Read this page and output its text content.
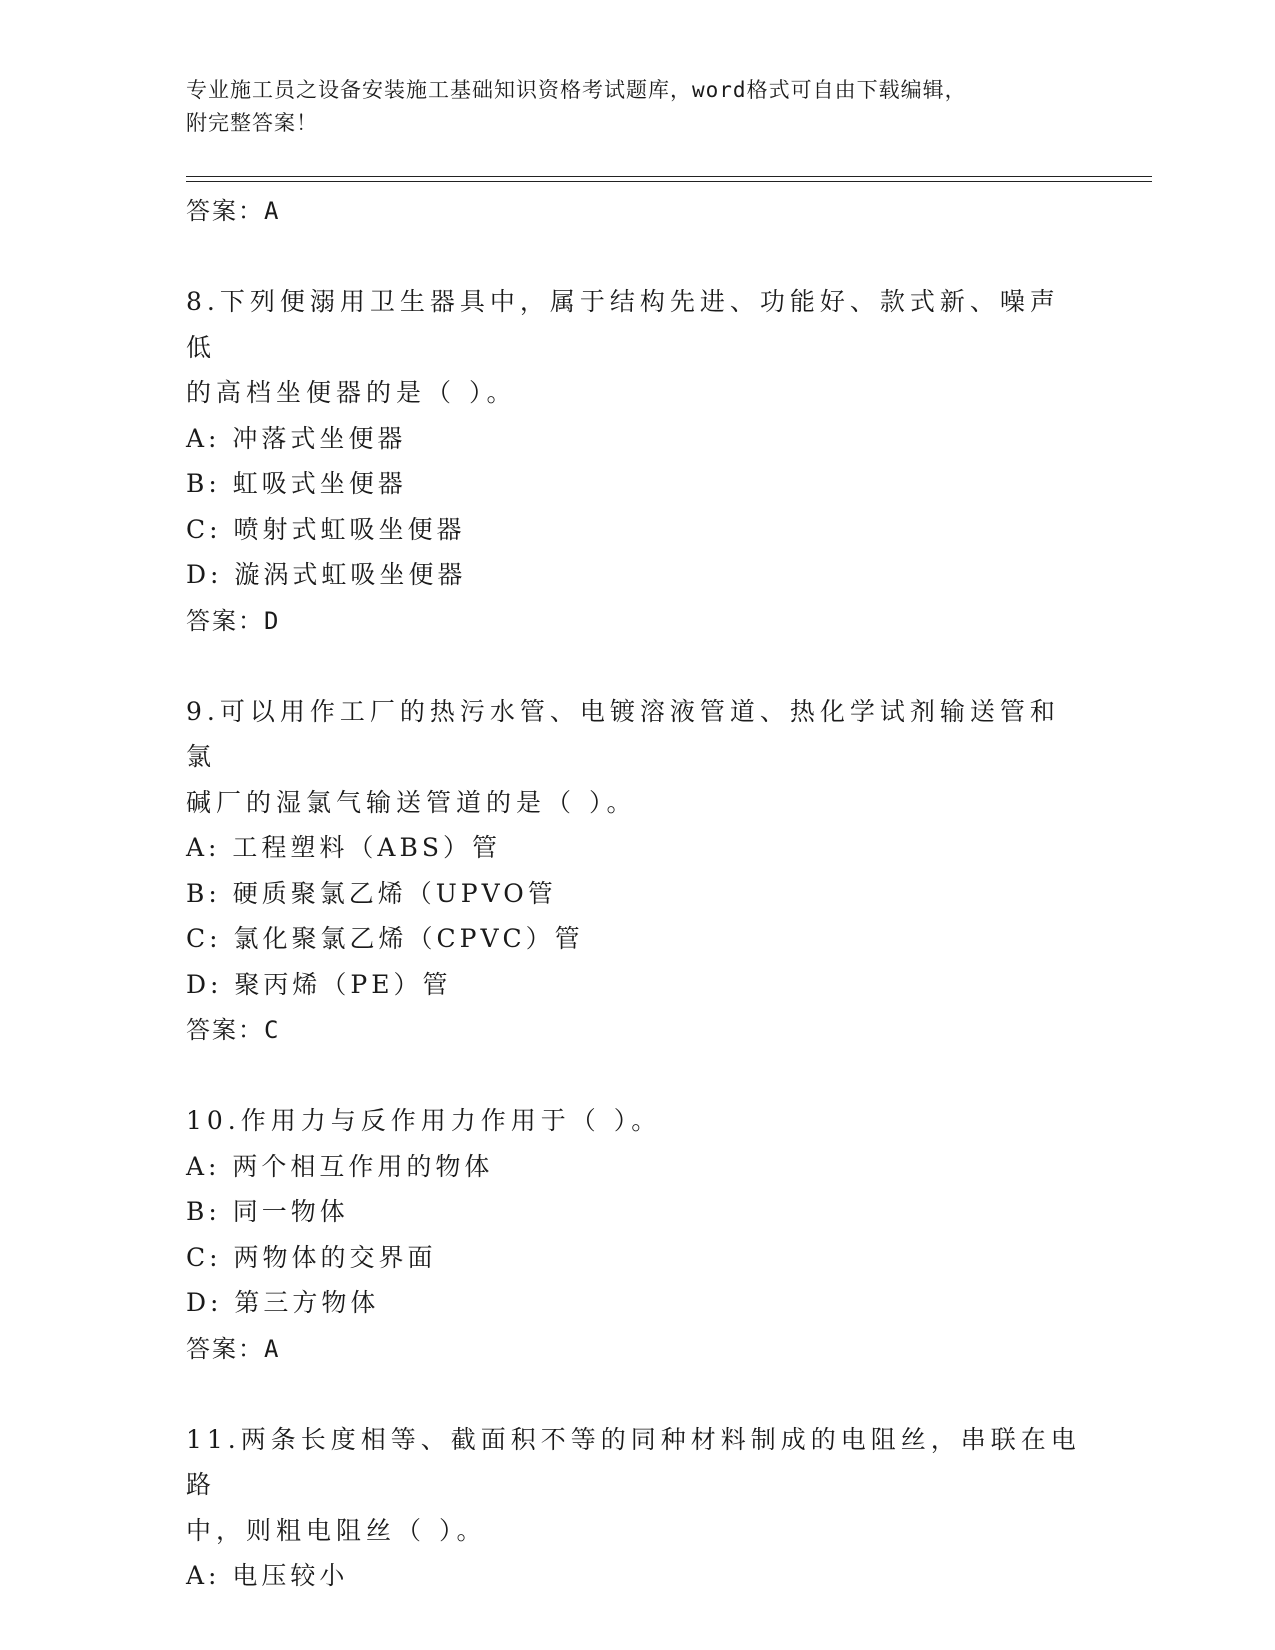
专业施工员之设备安装施工基础知识资格考试题库，word格式可自由下载编辑，
附完整答案！
答案：A
8.下列便溺用卫生器具中，属于结构先进、功能好、款式新、噪声低
的高档坐便器的是（ ）。
A: 冲落式坐便器
B: 虹吸式坐便器
C: 喷射式虹吸坐便器
D: 漩涡式虹吸坐便器
答案：D
9.可以用作工厂的热污水管、电镀溶液管道、热化学试剂输送管和氯
碱厂的湿氯气输送管道的是（ ）。
A: 工程塑料（ABS）管
B: 硬质聚氯乙烯（UPVO管
C: 氯化聚氯乙烯（CPVC）管
D: 聚丙烯（PE）管
答案：C
10.作用力与反作用力作用于（ ）。
A: 两个相互作用的物体
B: 同一物体
C: 两物体的交界面
D: 第三方物体
答案：A
11.两条长度相等、截面积不等的同种材料制成的电阻丝，串联在电路
中，则粗电阻丝（ ）。
A: 电压较小
